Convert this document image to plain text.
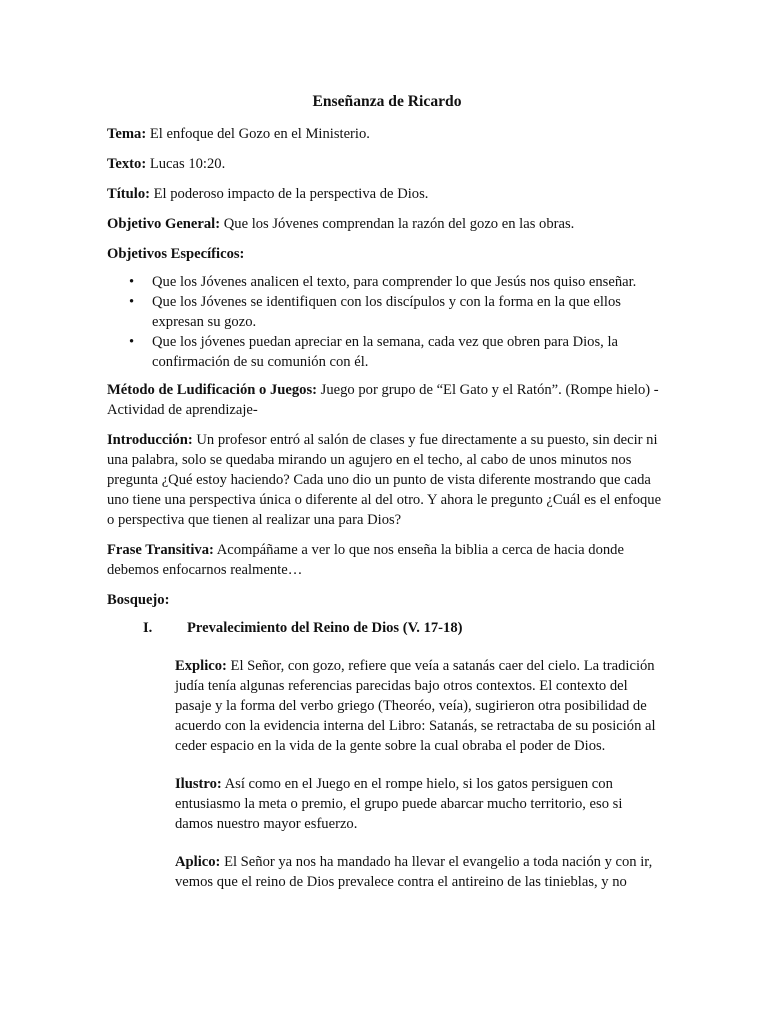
Enseñanza de Ricardo
Tema: El enfoque del Gozo en el Ministerio.
Texto: Lucas 10:20.
Título: El poderoso impacto de la perspectiva de Dios.
Objetivo General: Que los Jóvenes comprendan la razón del gozo en las obras.
Objetivos Específicos:
• Que los Jóvenes analicen el texto, para comprender lo que Jesús nos quiso enseñar.
• Que los Jóvenes se identifiquen con los discípulos y con la forma en la que ellos expresan su gozo.
• Que los jóvenes puedan apreciar en la semana, cada vez que obren para Dios, la confirmación de su comunión con él.
Método de Ludificación o Juegos: Juego por grupo de “El Gato y el Ratón”. (Rompe hielo) -Actividad de aprendizaje-
Introducción: Un profesor entró al salón de clases y fue directamente a su puesto, sin decir ni una palabra, solo se quedaba mirando un agujero en el techo, al cabo de unos minutos nos pregunta ¿Qué estoy haciendo? Cada uno dio un punto de vista diferente mostrando que cada uno tiene una perspectiva única o diferente al del otro. Y ahora le pregunto ¿Cuál es el enfoque o perspectiva que tienen al realizar una para Dios?
Frase Transitiva: Acompáñame a ver lo que nos enseña la biblia a cerca de hacia donde debemos enfocarnos realmente…
Bosquejo:
I.	Prevalecimiento del Reino de Dios (V. 17-18)
Explico: El Señor, con gozo, refiere que veía a satanás caer del cielo. La tradición judía tenía algunas referencias parecidas bajo otros contextos. El contexto del pasaje y la forma del verbo griego (Theoréo, veía), sugirieron otra posibilidad de acuerdo con la evidencia interna del Libro: Satanás, se retractaba de su posición al ceder espacio en la vida de la gente sobre la cual obraba el poder de Dios.
Ilustro: Así como en el Juego en el rompe hielo, si los gatos persiguen con entusiasmo la meta o premio, el grupo puede abarcar mucho territorio, eso si damos nuestro mayor esfuerzo.
Aplico: El Señor ya nos ha mandado ha llevar el evangelio a toda nación y con ir, vemos que el reino de Dios prevalece contra el antireino de las tinieblas, y no
